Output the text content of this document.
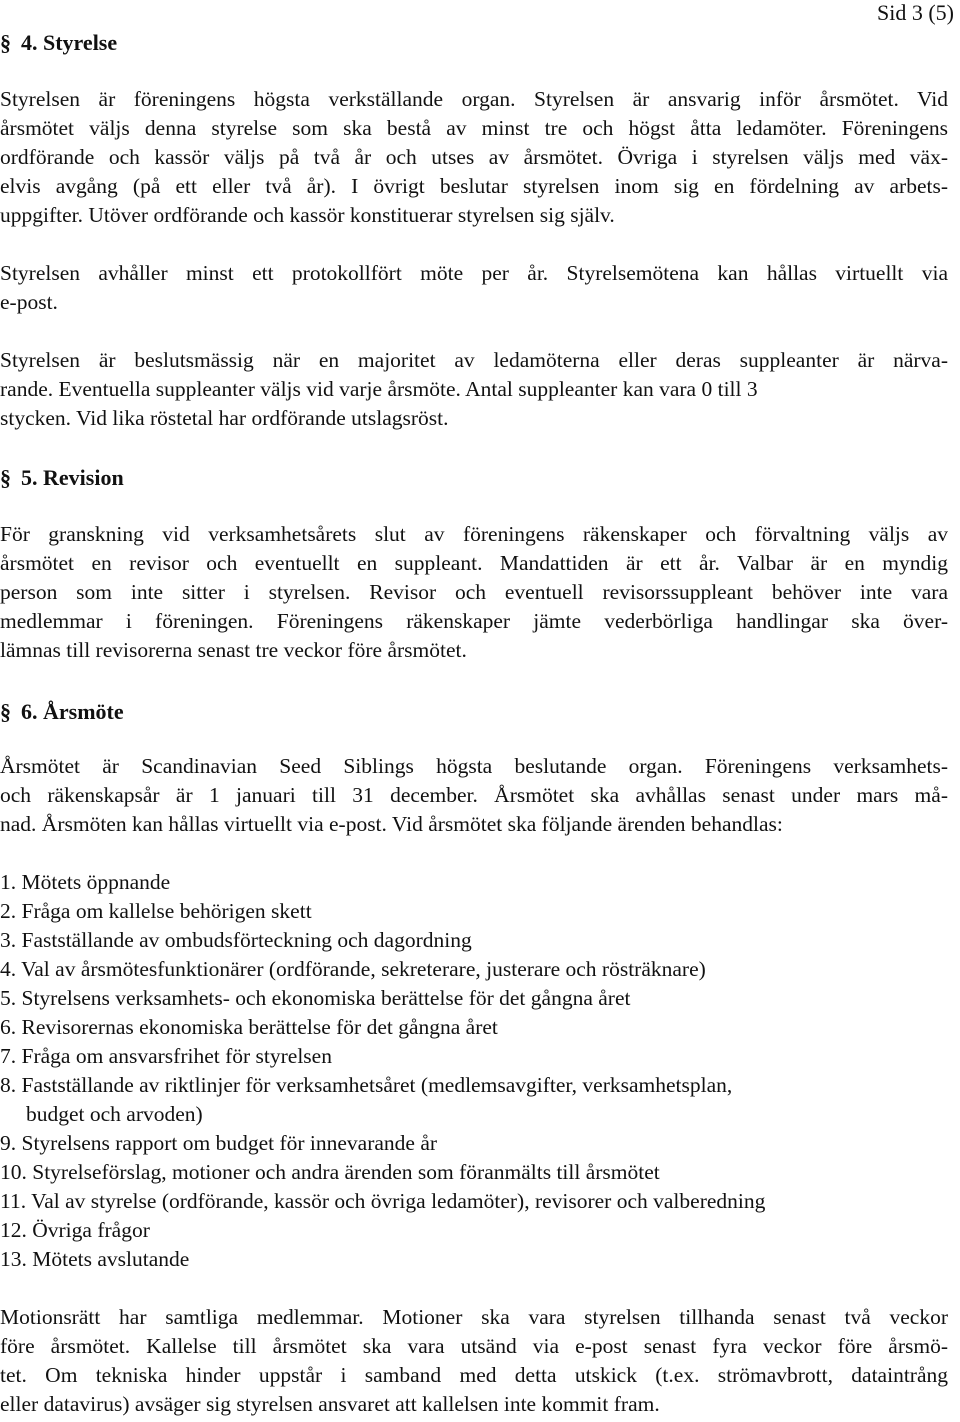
Sid 3 (5)
§ 4. Styrelse
Styrelsen är föreningens högsta verkställande organ. Styrelsen är ansvarig inför årsmötet. Vid
årsmötet väljs denna styrelse som ska bestå av minst tre och högst åtta ledamöter. Föreningens
ordförande och kassör väljs på två år och utses av årsmötet. Övriga i styrelsen väljs med väx-
elvis avgång (på ett eller två år). I övrigt beslutar styrelsen inom sig en fördelning av arbets-
uppgifter. Utöver ordförande och kassör konstituerar styrelsen sig själv.
Styrelsen avhåller minst ett protokollfört möte per år. Styrelsemötena kan hållas virtuellt via
e-post.
Styrelsen är beslutsmässig när en majoritet av ledamöterna eller deras suppleanter är närva-
rande. Eventuella suppleanter väljs vid varje årsmöte. Antal suppleanter kan vara 0 till 3
stycken. Vid lika röstetal har ordförande utslagsröst.
§ 5. Revision
För granskning vid verksamhetsårets slut av föreningens räkenskaper och förvaltning väljs av
årsmötet en revisor och eventuellt en suppleant. Mandattiden är ett år. Valbar är en myndig
person som inte sitter i styrelsen. Revisor och eventuell revisorssuppleant behöver inte vara
medlemmar i föreningen. Föreningens räkenskaper jämte vederbörliga handlingar ska över-
lämnas till revisorerna senast tre veckor före årsmötet.
§ 6. Årsmöte
Årsmötet är Scandinavian Seed Siblings högsta beslutande organ. Föreningens verksamhets-
och räkenskapsår är 1 januari till 31 december. Årsmötet ska avhållas senast under mars må-
nad. Årsmöten kan hållas virtuellt via e-post. Vid årsmötet ska följande ärenden behandlas:
1. Mötets öppnande
2. Fråga om kallelse behörigen skett
3. Fastställande av ombudsförteckning och dagordning
4. Val av årsmötesfunktionärer (ordförande, sekreterare, justerare och rösträknare)
5. Styrelsens verksamhets- och ekonomiska berättelse för det gångna året
6. Revisorernas ekonomiska berättelse för det gångna året
7. Fråga om ansvarsfrihet för styrelsen
8. Fastställande av riktlinjer för verksamhetsåret (medlemsavgifter, verksamhetsplan,
budget och arvoden)
9. Styrelsens rapport om budget för innevarande år
10. Styrelseförslag, motioner och andra ärenden som föranmälts till årsmötet
11. Val av styrelse (ordförande, kassör och övriga ledamöter), revisorer och valberedning
12. Övriga frågor
13. Mötets avslutande
Motionsrätt har samtliga medlemmar. Motioner ska vara styrelsen tillhanda senast två veckor
före årsmötet. Kallelse till årsmötet ska vara utsänd via e-post senast fyra veckor före årsmö-
tet. Om tekniska hinder uppstår i samband med detta utskick (t.ex. strömavbrott, dataintrång
eller datavirus) avsäger sig styrelsen ansvaret att kallelsen inte kommit fram.
